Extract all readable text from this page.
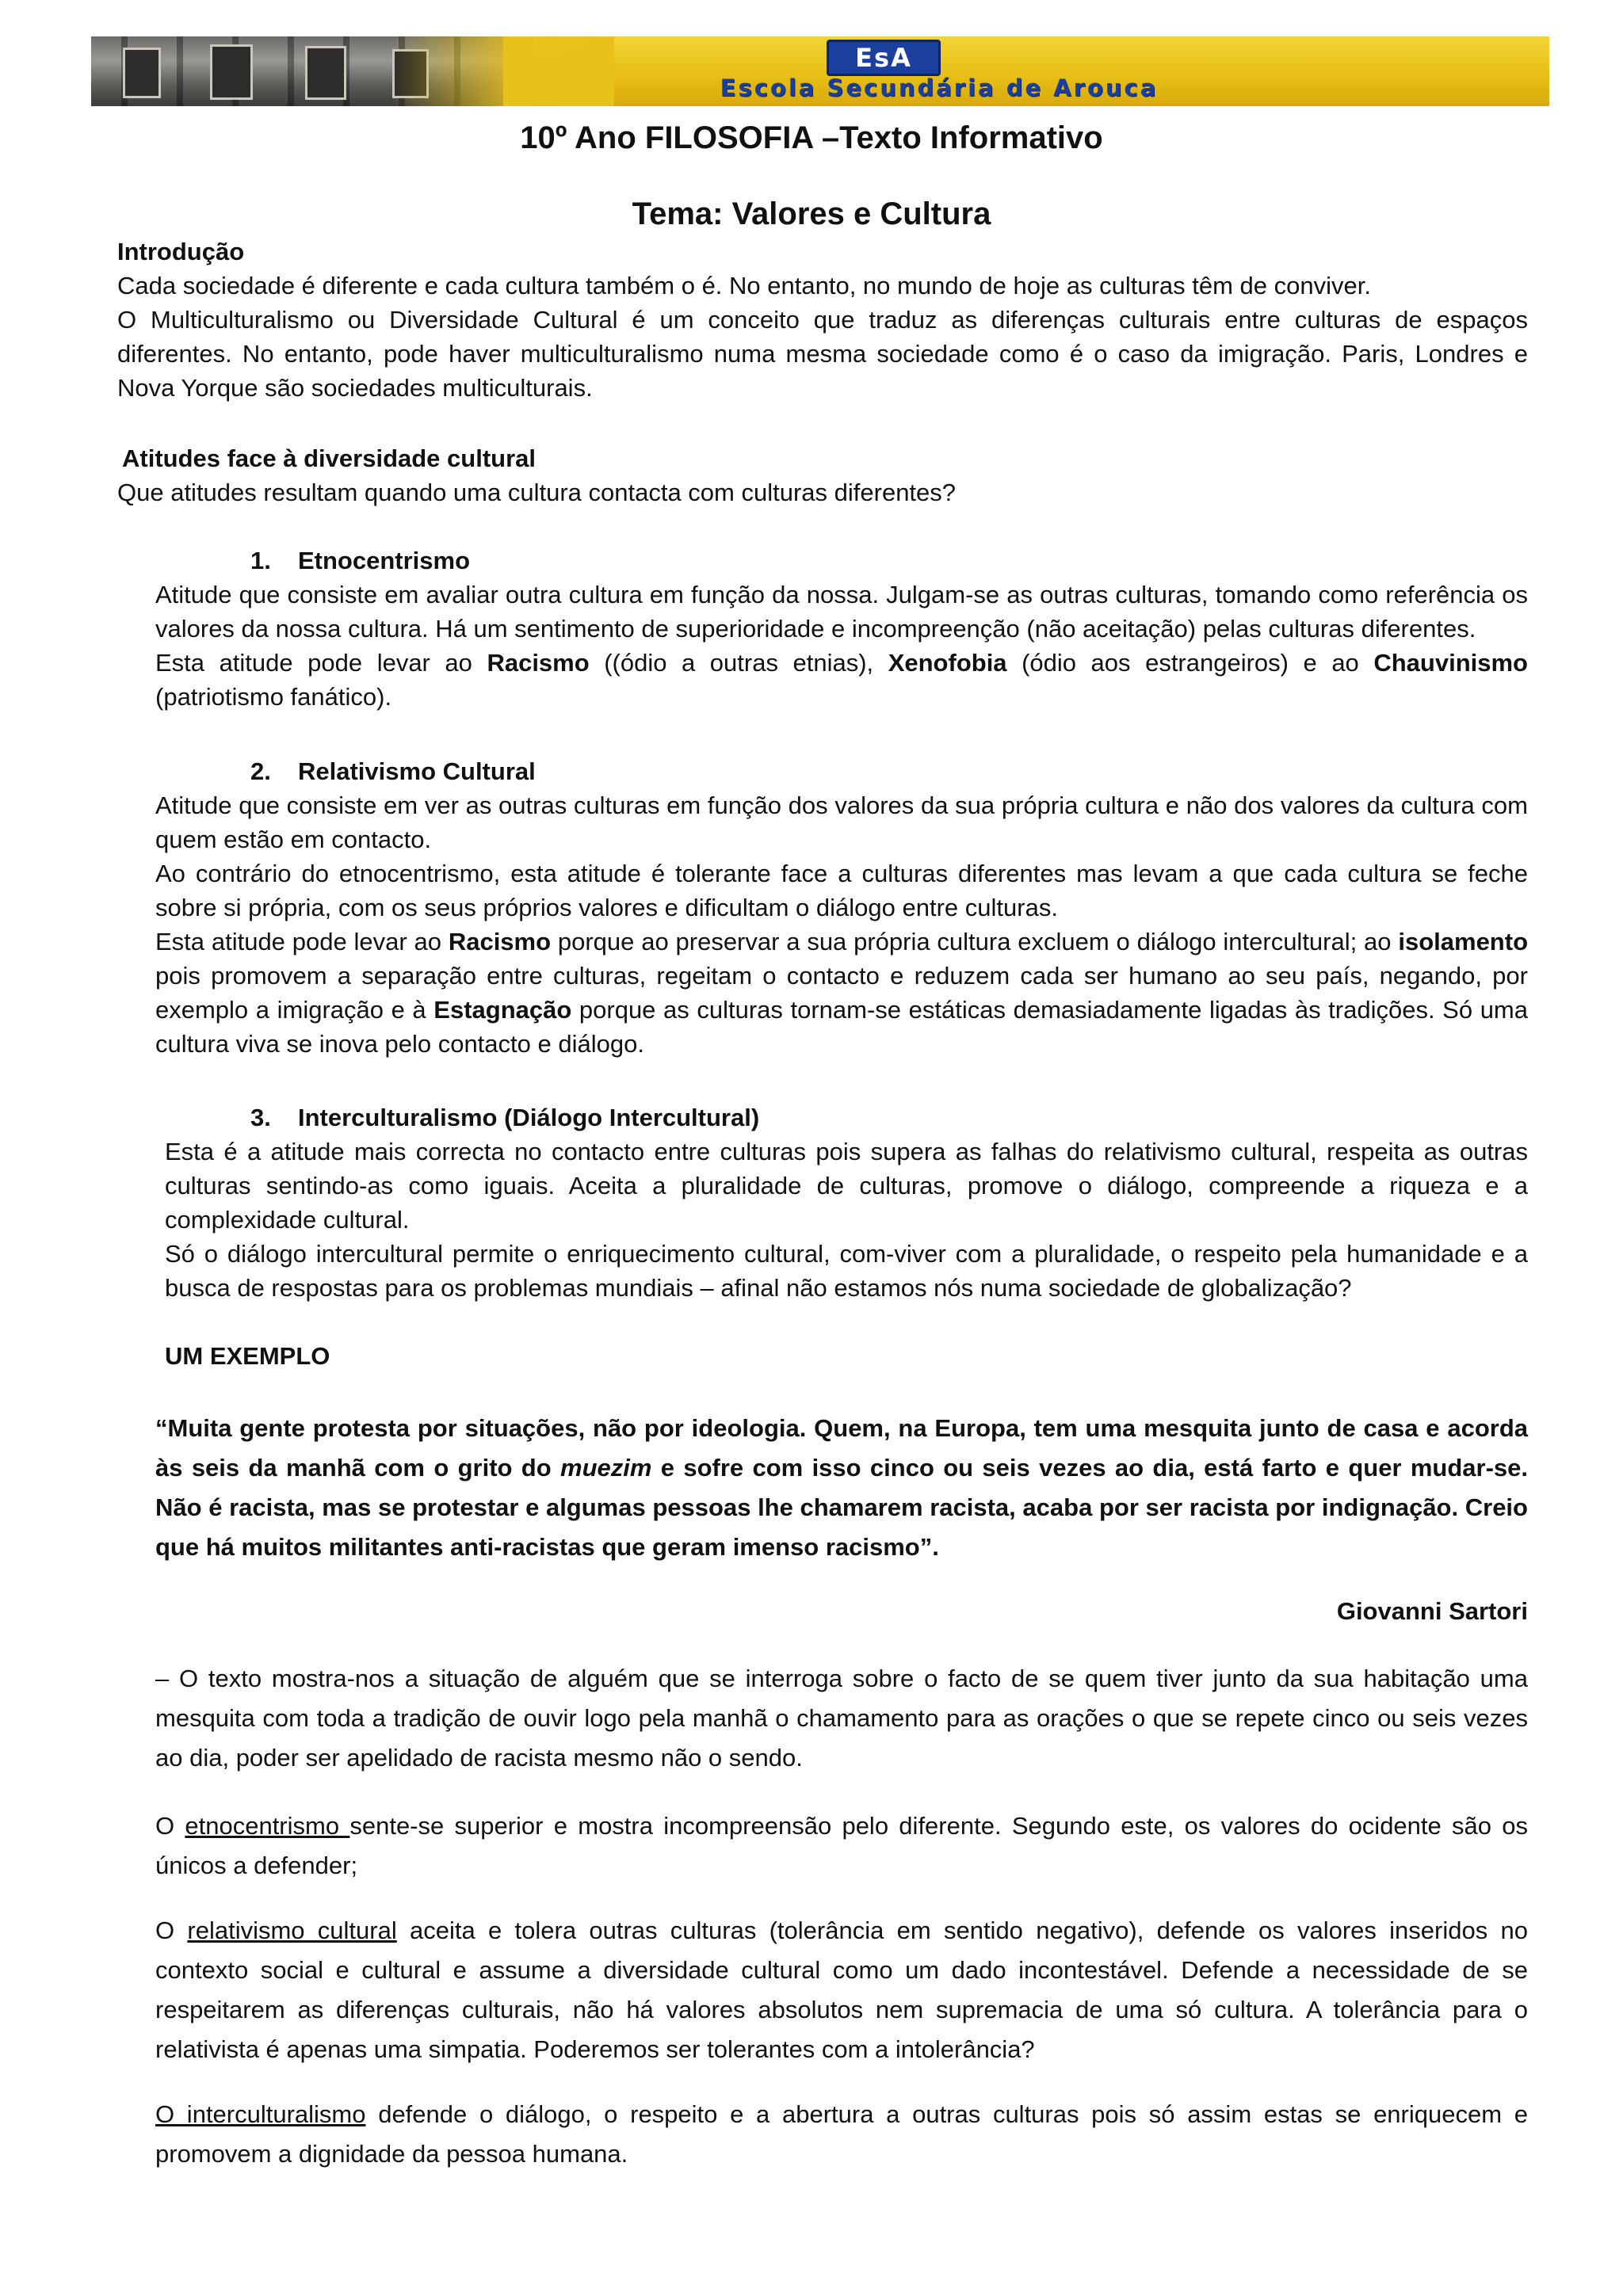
EsA
Escola Secundária de Arouca
10º Ano FILOSOFIA –Texto Informativo
Tema: Valores e Cultura
Introdução
Cada sociedade é diferente e cada cultura também o é. No entanto, no mundo de hoje as culturas têm de conviver.
O Multiculturalismo ou Diversidade Cultural é um conceito que traduz as diferenças culturais entre culturas de espaços diferentes. No entanto, pode haver multiculturalismo numa mesma sociedade como é o caso da imigração. Paris, Londres e Nova Yorque são sociedades multiculturais.
Atitudes face à diversidade cultural
Que atitudes resultam quando uma cultura contacta com culturas diferentes?
1. Etnocentrismo
Atitude que consiste em avaliar outra cultura em função da nossa. Julgam-se as outras culturas, tomando como referência os valores da nossa cultura. Há um sentimento de superioridade e incompreenção (não aceitação) pelas culturas diferentes.
Esta atitude pode levar ao Racismo ((ódio a outras etnias), Xenofobia (ódio aos estrangeiros) e ao Chauvinismo (patriotismo fanático).
2. Relativismo Cultural
Atitude que consiste em ver as outras culturas em função dos valores da sua própria cultura e não dos valores da cultura com quem estão em contacto.
Ao contrário do etnocentrismo, esta atitude é tolerante face a culturas diferentes mas levam a que cada cultura se feche sobre si própria, com os seus próprios valores e dificultam o diálogo entre culturas.
Esta atitude pode levar ao Racismo porque ao preservar a sua própria cultura excluem o diálogo intercultural; ao isolamento pois promovem a separação entre culturas, regeitam o contacto e reduzem cada ser humano ao seu país, negando, por exemplo a imigração e à Estagnação porque as culturas tornam-se estáticas demasiadamente ligadas às tradições. Só uma cultura viva se inova pelo contacto e diálogo.
3. Interculturalismo (Diálogo Intercultural)
Esta é a atitude mais correcta no contacto entre culturas pois supera as falhas do relativismo cultural, respeita as outras culturas sentindo-as como iguais. Aceita a pluralidade de culturas, promove o diálogo, compreende a riqueza e a complexidade cultural.
Só o diálogo intercultural permite o enriquecimento cultural, com-viver com a pluralidade, o respeito pela humanidade e a busca de respostas para os problemas mundiais – afinal não estamos nós numa sociedade de globalização?
UM EXEMPLO
“Muita gente protesta por situações, não por ideologia. Quem, na Europa, tem uma mesquita junto de casa e acorda às seis da manhã com o grito do muezim e sofre com isso cinco ou seis vezes ao dia, está farto e quer mudar-se. Não é racista, mas se protestar e algumas pessoas lhe chamarem racista, acaba por ser racista por indignação. Creio que há muitos militantes anti-racistas que geram imenso racismo”.
Giovanni Sartori
– O texto mostra-nos a situação de alguém que se interroga sobre o facto de se quem tiver junto da sua habitação uma mesquita com toda a tradição de ouvir logo pela manhã o chamamento para as orações o que se repete cinco ou seis vezes ao dia, poder ser apelidado de racista mesmo não o sendo.
O etnocentrismo sente-se superior e mostra incompreensão pelo diferente. Segundo este, os valores do ocidente são os únicos a defender;
O relativismo cultural aceita e tolera outras culturas (tolerância em sentido negativo), defende os valores inseridos no contexto social e cultural e assume a diversidade cultural como um dado incontestável. Defende a necessidade de se respeitarem as diferenças culturais, não há valores absolutos nem supremacia de uma só cultura. A tolerância para o relativista é apenas uma simpatia. Poderemos ser tolerantes com a intolerância?
O interculturalismo defende o diálogo, o respeito e a abertura a outras culturas pois só assim estas se enriquecem e promovem a dignidade da pessoa humana.
